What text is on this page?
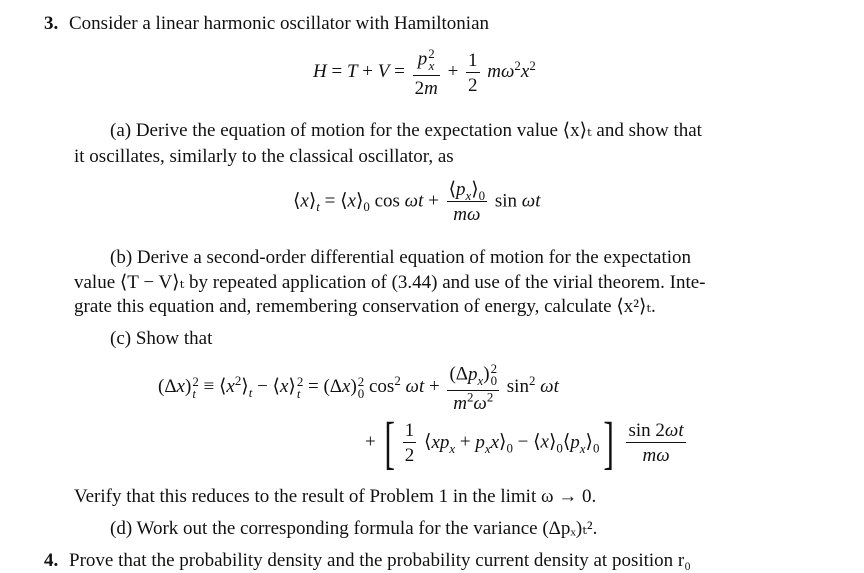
3. Consider a linear harmonic oscillator with Hamiltonian
H = T + V = p 2
x
$2m + \frac{1}{2} m\omega^2x^2$
(a) Derive the equation of motion for the expectation value ⟨x⟩ₜ and show that
it oscillates, similarly to the classical oscillator, as
$⟨x⟩_t$ = $⟨x⟩_0$ $\cos \omega t + \frac{⟨p_x⟩_0}{m\omega}$ sin ωt
(b) Derive a second-order differential equation of motion for the expectation
value ⟨T − V⟩ₜ by repeated application of (3.44) and use of the virial theorem. Inte-
grate this equation and, remembering conservation of energy, calculate ⟨x²⟩ₜ.
(c) Show that
(Δx) 2
$t \equiv ⟨x^2⟩_t$ − ⟨x⟩ 2
t = (Δx) 2
0 $\cos^2 \omega t + (\Delta p_x)$ 2
0
$m^2\omega^2$ $\sin^2 \omega t$
+ [ $\frac{1}{2}$ $⟨xp_x$ + $p_xx⟩_0$ − $⟨x⟩_0⟨p_x⟩_0] \frac{\sin 2\omega t}{m\omega}$
Verify that this reduces to the result of Problem 1 in the limit ω → 0.
(d) Work out the corresponding formula for the variance (Δpₓ)ₜ².
4. Prove that the probability density and the probability current density at position r₀
